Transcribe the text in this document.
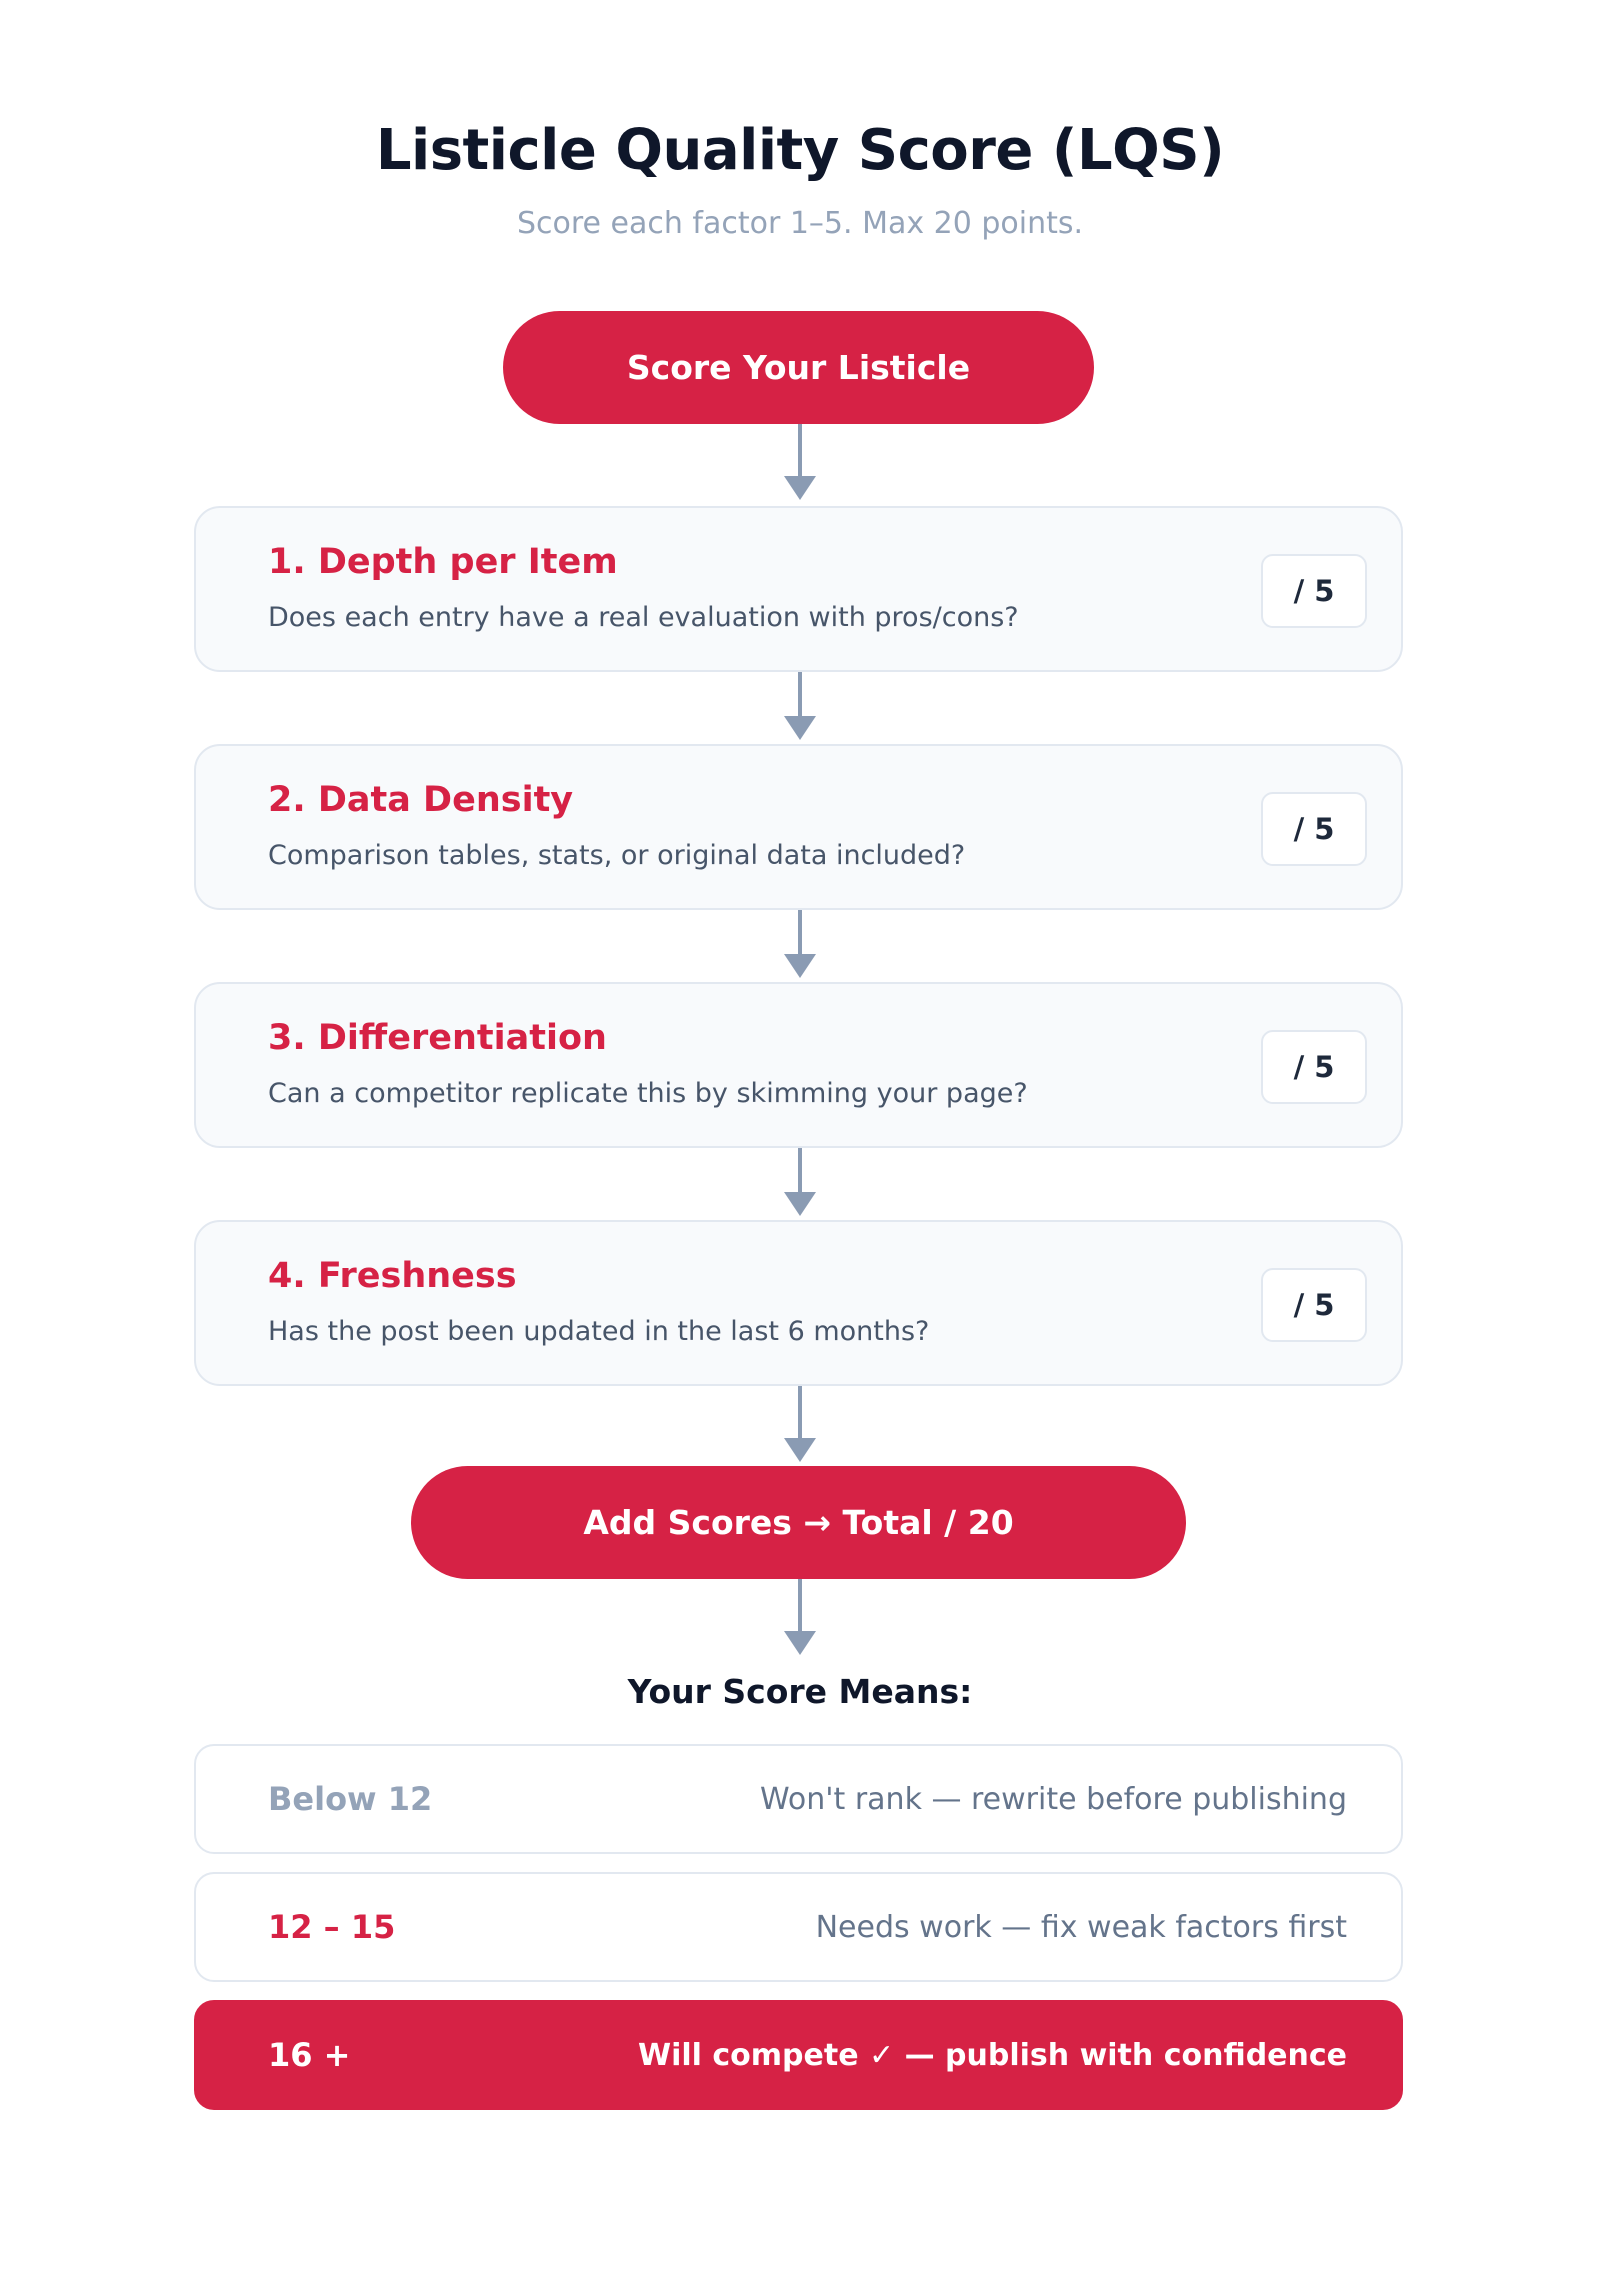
Listicle Quality Score (LQS)
Score each factor 1–5. Max 20 points.
Score Your Listicle
1. Depth per Item
Does each entry have a real evaluation with pros/cons?
/ 5
2. Data Density
Comparison tables, stats, or original data included?
/ 5
3. Differentiation
Can a competitor replicate this by skimming your page?
/ 5
4. Freshness
Has the post been updated in the last 6 months?
/ 5
Add Scores → Total / 20
Your Score Means:
Below 12	Won't rank — rewrite before publishing
12 – 15	Needs work — fix weak factors first
16 +	Will compete ✓ — publish with confidence
